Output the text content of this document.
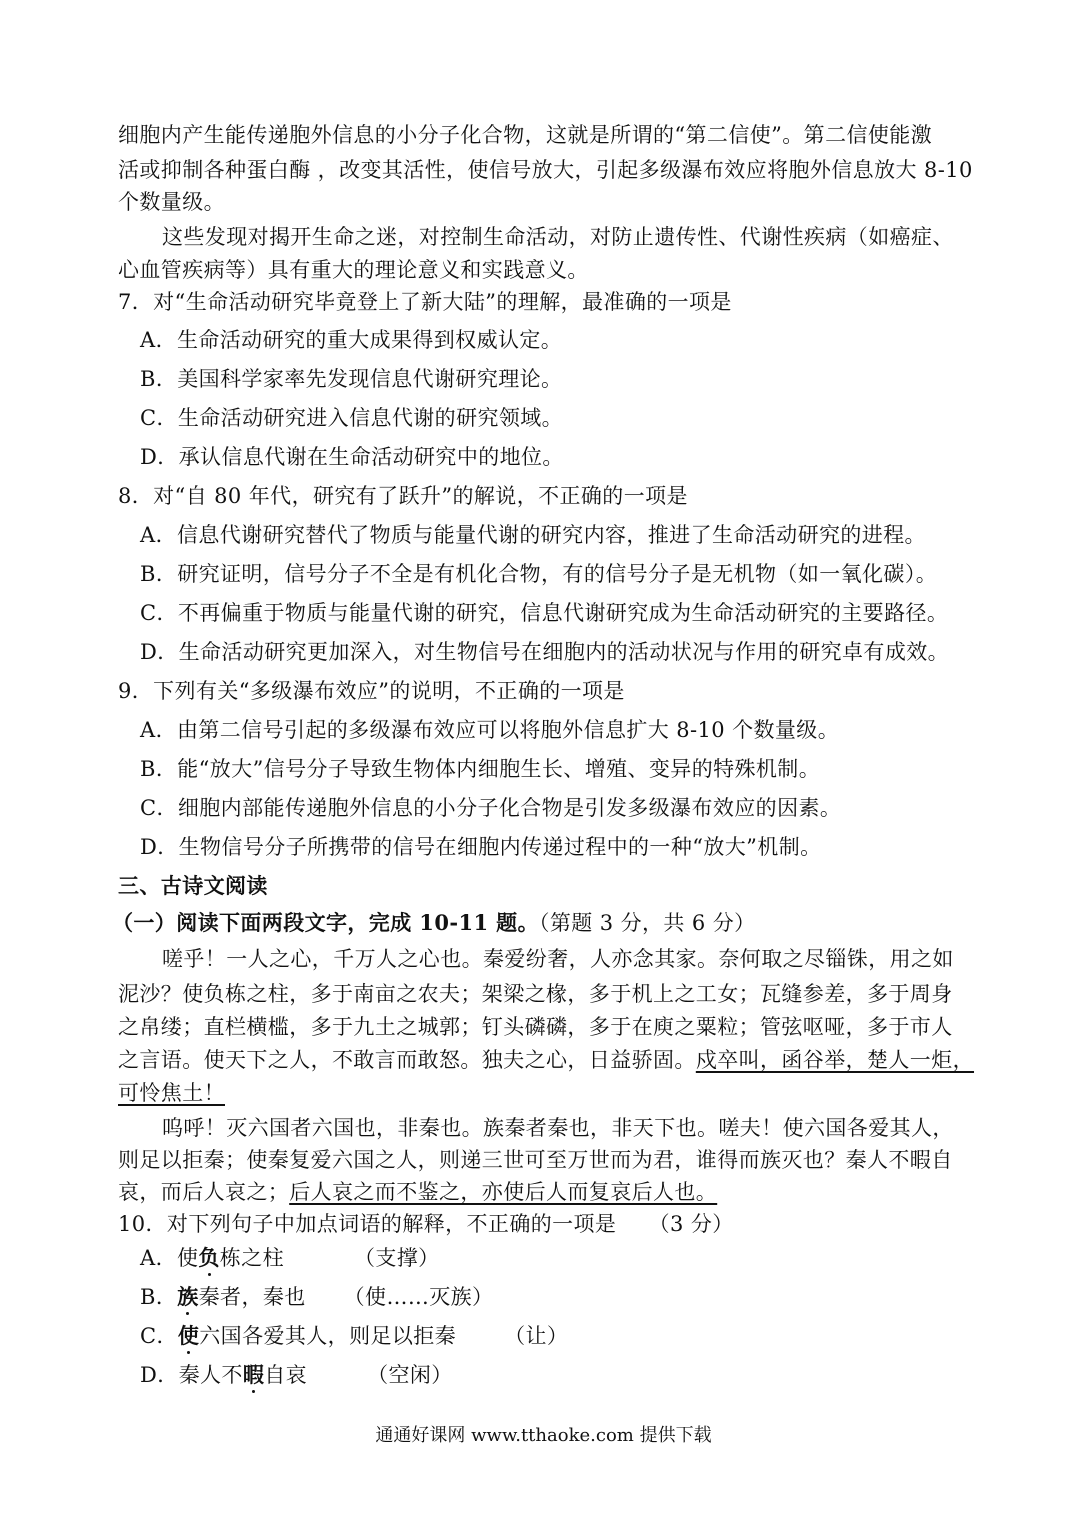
细胞内产生能传递胞外信息的小分子化合物，这就是所谓的“第二信使”。第二信使能激
活或抑制各种蛋白酶 ，改变其活性，使信号放大，引起多级瀑布效应将胞外信息放大 8-10
个数量级。
这些发现对揭开生命之迷，对控制生命活动，对防止遗传性、代谢性疾病（如癌症、
心血管疾病等）具有重大的理论意义和实践意义。
7．对“生命活动研究毕竟登上了新大陆”的理解，最准确的一项是
A．生命活动研究的重大成果得到权威认定。
B．美国科学家率先发现信息代谢研究理论。
C．生命活动研究进入信息代谢的研究领域。
D．承认信息代谢在生命活动研究中的地位。
8．对“自 80 年代，研究有了跃升”的解说，不正确的一项是
A．信息代谢研究替代了物质与能量代谢的研究内容，推进了生命活动研究的进程。
B．研究证明，信号分子不全是有机化合物，有的信号分子是无机物（如一氧化碳）。
C．不再偏重于物质与能量代谢的研究，信息代谢研究成为生命活动研究的主要路径。
D．生命活动研究更加深入，对生物信号在细胞内的活动状况与作用的研究卓有成效。
9．下列有关“多级瀑布效应”的说明，不正确的一项是
A．由第二信号引起的多级瀑布效应可以将胞外信息扩大 8-10 个数量级。
B．能“放大”信号分子导致生物体内细胞生长、增殖、变异的特殊机制。
C．细胞内部能传递胞外信息的小分子化合物是引发多级瀑布效应的因素。
D．生物信号分子所携带的信号在细胞内传递过程中的一种“放大”机制。
三、古诗文阅读
（一）阅读下面两段文字，完成 10-11 题。（第题 3 分，共 6 分）
嗟乎！一人之心，千万人之心也。秦爱纷奢，人亦念其家。奈何取之尽锱铢，用之如
泥沙？使负栋之柱，多于南亩之农夫；架梁之椽，多于机上之工女；瓦缝参差，多于周身
之帛缕；直栏横槛，多于九土之城郭；钉头磷磷，多于在庾之粟粒；管弦呕哑，多于市人
之言语。使天下之人，不敢言而敢怒。独夫之心，日益骄固。戍卒叫，函谷举，楚人一炬，
可怜焦土！
呜呼！灭六国者六国也，非秦也。族秦者秦也，非天下也。嗟夫！使六国各爱其人，
则足以拒秦；使秦复爱六国之人，则递三世可至万世而为君，谁得而族灭也？秦人不暇自
哀，而后人哀之；后人哀之而不鉴之，亦使后人而复哀后人也。
10．对下列句子中加点词语的解释，不正确的一项是　　（3 分）
A．使负栋之柱	（支撑）
B．族秦者，秦也 （使……灭族）
C．使六国各爱其人，则足以拒秦 （让）
D．秦人不暇自哀	（空闲）
通通好课网 www.tthaoke.com 提供下载
